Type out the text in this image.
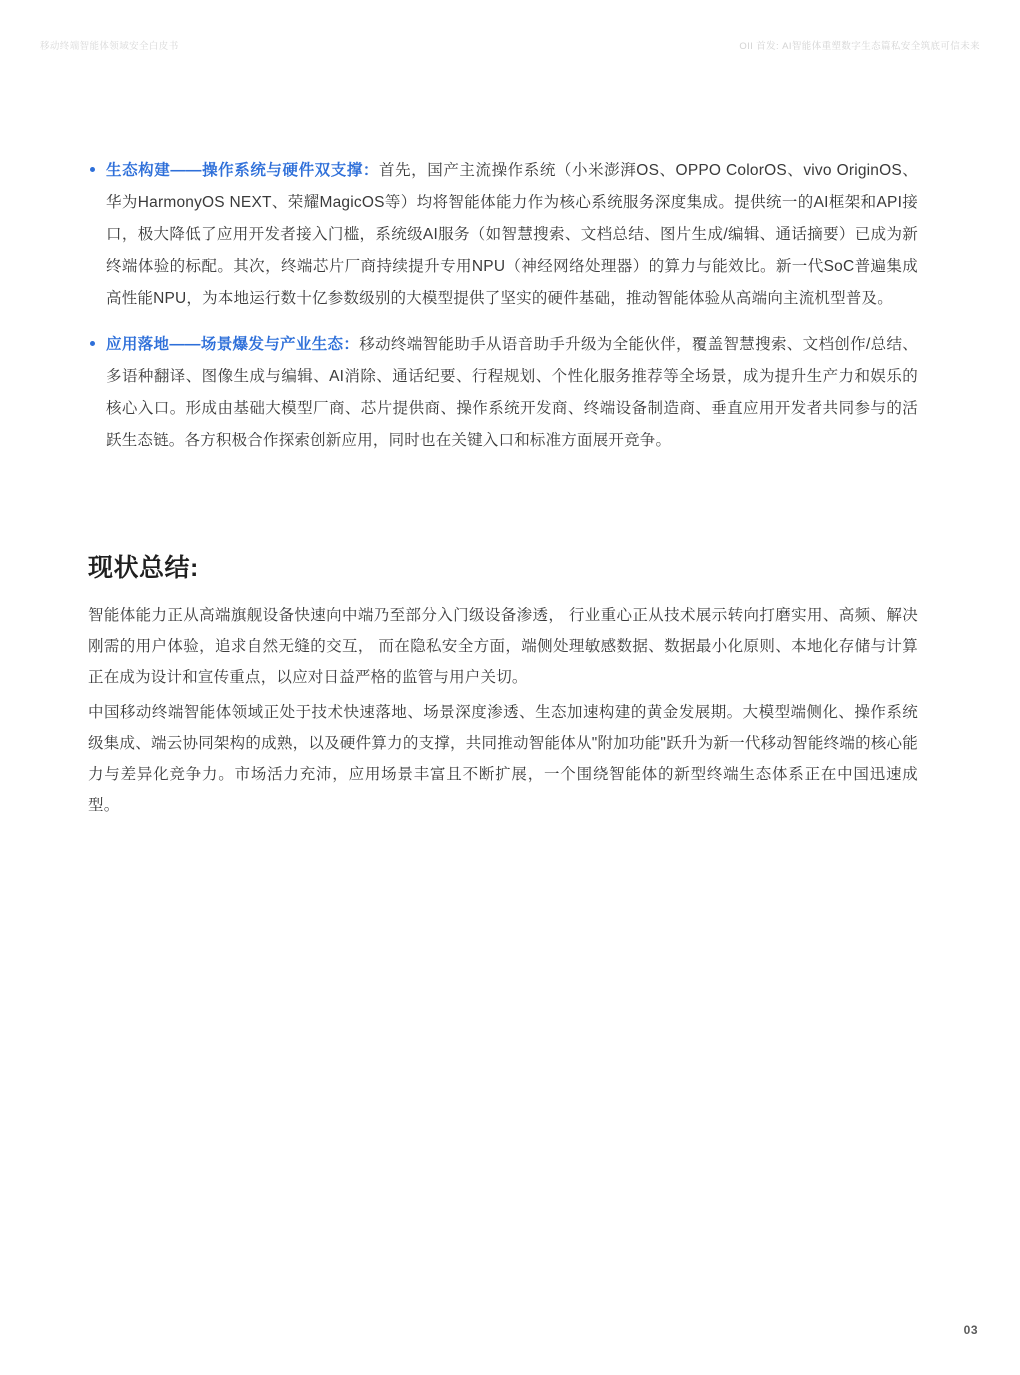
移动终端智能体领域安全白皮书	OII 首发: AI智能体重塑数字生态篇私安全筑底可信未来
生态构建——操作系统与硬件双支撑：首先，国产主流操作系统（小米澎湃OS、OPPO ColorOS、vivo OriginOS、华为HarmonyOS NEXT、荣耀MagicOS等）均将智能体能力作为核心系统服务深度集成。提供统一的AI框架和API接口，极大降低了应用开发者接入门槛，系统级AI服务（如智慧搜索、文档总结、图片生成/编辑、通话摘要）已成为新终端体验的标配。其次，终端芯片厂商持续提升专用NPU（神经网络处理器）的算力与能效比。新一代SoC普遍集成高性能NPU，为本地运行数十亿参数级别的大模型提供了坚实的硬件基础，推动智能体验从高端向主流机型普及。
应用落地——场景爆发与产业生态：移动终端智能助手从语音助手升级为全能伙伴，覆盖智慧搜索、文档创作/总结、多语种翻译、图像生成与编辑、AI消除、通话纪要、行程规划、个性化服务推荐等全场景，成为提升生产力和娱乐的核心入口。形成由基础大模型厂商、芯片提供商、操作系统开发商、终端设备制造商、垂直应用开发者共同参与的活跃生态链。各方积极合作探索创新应用，同时也在关键入口和标准方面展开竞争。
现状总结:

智能体能力正从高端旗舰设备快速向中端乃至部分入门级设备渗透， 行业重心正从技术展示转向打磨实用、高频、解决刚需的用户体验，追求自然无缝的交互， 而在隐私安全方面，端侧处理敏感数据、数据最小化原则、本地化存储与计算正在成为设计和宣传重点，以应对日益严格的监管与用户关切。

中国移动终端智能体领域正处于技术快速落地、场景深度渗透、生态加速构建的黄金发展期。大模型端侧化、操作系统级集成、端云协同架构的成熟，以及硬件算力的支撑，共同推动智能体从"附加功能"跃升为新一代移动智能终端的核心能力与差异化竞争力。市场活力充沛，应用场景丰富且不断扩展，一个围绕智能体的新型终端生态体系正在中国迅速成型。

03
